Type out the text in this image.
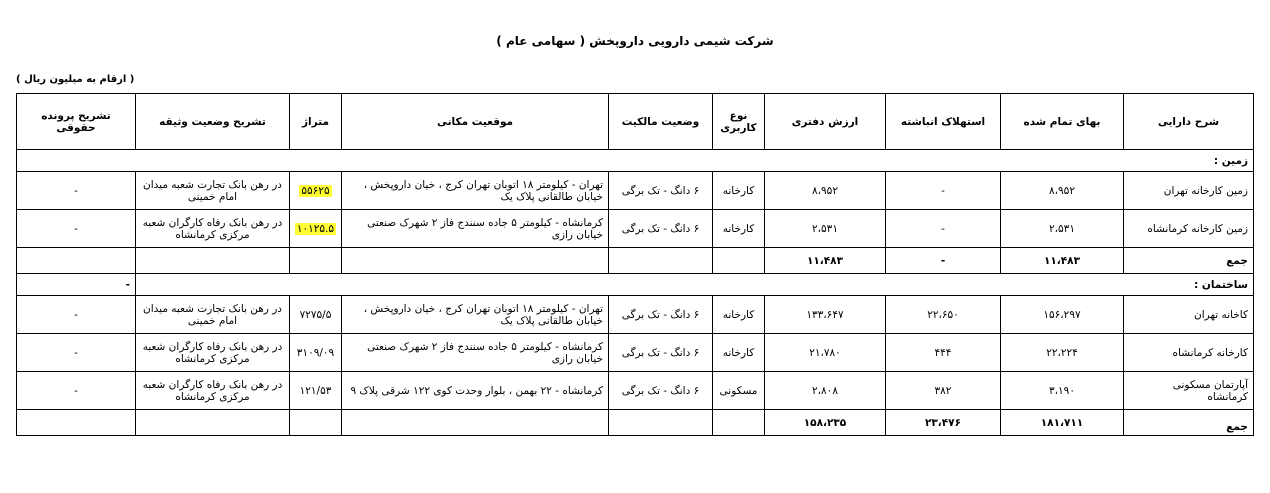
شرکت شیمی دارویی داروپخش ( سهامی عام )
( ارقام به میلیون ریال )
شرح دارایی	بهای تمام شده	استهلاک انباشته	ارزش دفتری	نوع کاربری	وضعیت مالکیت	موقعیت مکانی	متراژ	تشریح وضعیت وثیقه	تشریح پرونده حقوقی
زمین :									
زمین کارخانه تهران	۸،۹۵۲	-	۸،۹۵۲	کارخانه	۶ دانگ - تک برگی	تهران - کیلومتر ۱۸ اتوبان تهران کرج ، خیان داروپخش ، خیابان طالقانی پلاک یک	۵۵۶۲۵	در رهن بانک تجارت شعبه میدان امام خمینی	-
زمین کارخانه کرمانشاه	۲،۵۳۱	-	۲،۵۳۱	کارخانه	۶ دانگ - تک برگی	کرمانشاه - کیلومتر ۵ جاده سنندج فاز ۲ شهرک صنعتی خیابان رازی	۱۰۱۲۵.۵	در رهن بانک رفاه کارگران شعبه مرکزی کرمانشاه	-
جمع	۱۱،۴۸۳	-	۱۱،۴۸۳						
ساختمان :									-
کاخانه تهران	۱۵۶،۲۹۷	۲۲،۶۵۰	۱۳۳،۶۴۷	کارخانه	۶ دانگ - تک برگی	تهران - کیلومتر ۱۸ اتوبان تهران کرج ، خیان داروپخش ، خیابان طالقانی پلاک یک	۷۲۷۵/۵	در رهن بانک تجارت شعبه میدان امام خمینی	-
کارخانه کرمانشاه	۲۲،۲۲۴	۴۴۴	۲۱،۷۸۰	کارخانه	۶ دانگ - تک برگی	کرمانشاه - کیلومتر ۵ جاده سنندج فاز ۲ شهرک صنعتی خیابان رازی	۳۱۰۹/۰۹	در رهن بانک رفاه کارگران شعبه مرکزی کرمانشاه	-
آپارتمان مسکونی کرمانشاه	۳،۱۹۰	۳۸۲	۲،۸۰۸	مسکونی	۶ دانگ - تک برگی	کرمانشاه - ۲۲ بهمن ، بلوار وحدت کوی ۱۲۲ شرقی پلاک ۹	۱۲۱/۵۳	در رهن بانک رفاه کارگران شعبه مرکزی کرمانشاه	-
جمع	۱۸۱،۷۱۱	۲۳،۴۷۶	۱۵۸،۲۳۵						
